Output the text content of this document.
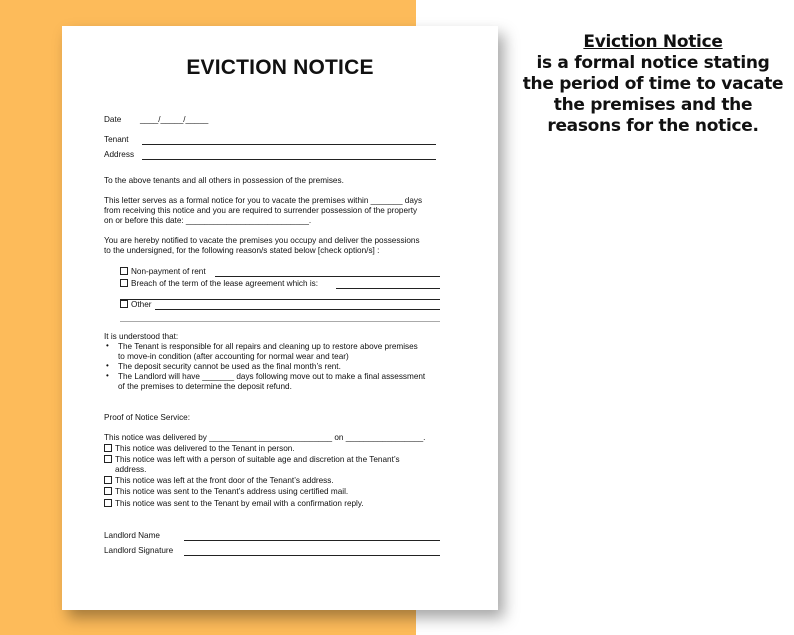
EVICTION NOTICE
Date ____/_____/_____
Tenant
Address
To the above tenants and all others in possession of the premises.
This letter serves as a formal notice for you to vacate the premises within _______ days
from receiving this notice and you are required to surrender possession of the property
on or before this date: ___________________________.
You are hereby notified to vacate the premises you occupy and deliver the possessions
to the undersigned, for the following reason/s stated below [check option/s] :
Non-payment of rent
Breach of the term of the lease agreement which is:
Other
It is understood that:
• The Tenant is responsible for all repairs and cleaning up to restore above premises
to move-in condition (after accounting for normal wear and tear)
• The deposit security cannot be used as the final month’s rent.
• The Landlord will have _______ days following move out to make a final assessment
of the premises to determine the deposit refund.
Proof of Notice Service:
This notice was delivered by ___________________________ on _________________.
This notice was delivered to the Tenant in person.
This notice was left with a person of suitable age and discretion at the Tenant’s
address.
This notice was left at the front door of the Tenant’s address.
This notice was sent to the Tenant’s address using certified mail.
This notice was sent to the Tenant by email with a confirmation reply.
Landlord Name
Landlord Signature
Eviction Notice
is a formal notice stating
the period of time to vacate
the premises and the
reasons for the notice.
